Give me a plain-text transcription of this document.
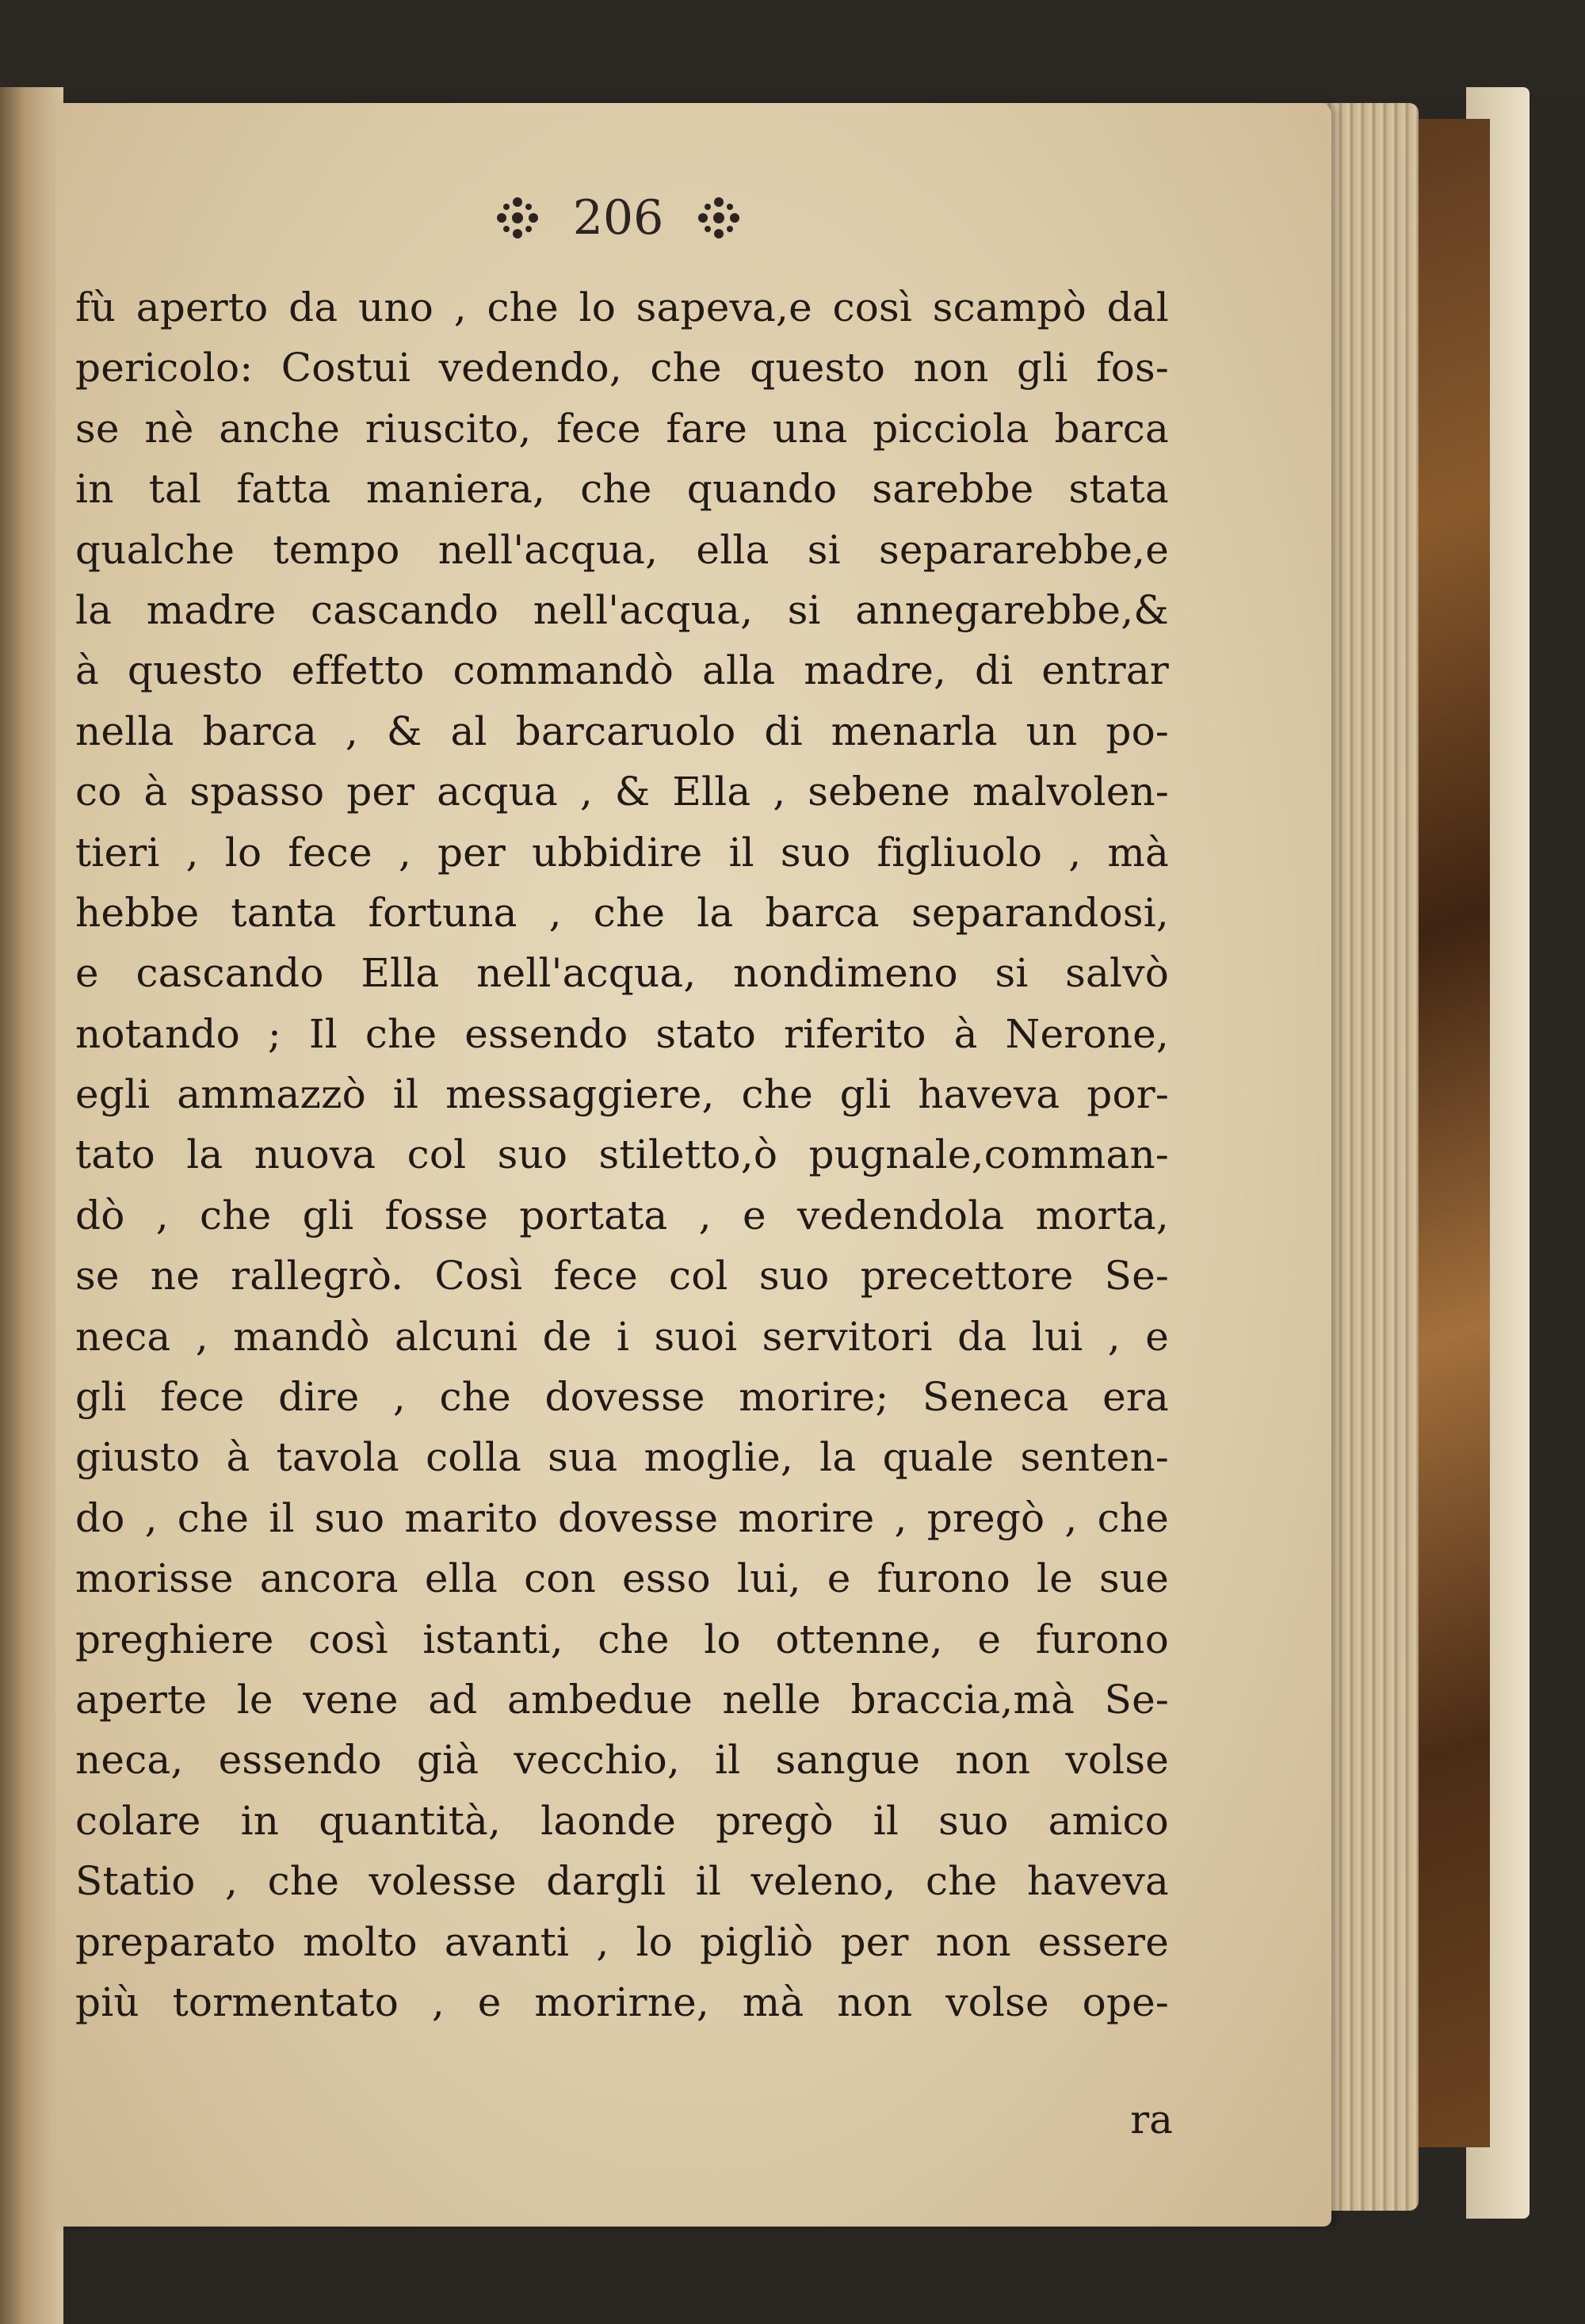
206
fù aperto da uno , che lo sapeva,e così scampò dal
pericolo: Costui vedendo, che questo non gli fos-
se nè anche riuscito, fece fare una picciola barca
in tal fatta maniera, che quando sarebbe stata
qualche tempo nell'acqua, ella si separarebbe,e
la madre cascando nell'acqua, si annegarebbe,&
à questo effetto commandò alla madre, di entrar
nella barca , & al barcaruolo di menarla un po-
co à spasso per acqua , & Ella , sebene malvolen-
tieri , lo fece , per ubbidire il suo figliuolo , mà
hebbe tanta fortuna , che la barca separandosi,
e cascando Ella nell'acqua, nondimeno si salvò
notando ; Il che essendo stato riferito à Nerone,
egli ammazzò il messaggiere, che gli haveva por-
tato la nuova col suo stiletto,ò pugnale,comman-
dò , che gli fosse portata , e vedendola morta,
se ne rallegrò. Così fece col suo precettore Se-
neca , mandò alcuni de i suoi servitori da lui , e
gli fece dire , che dovesse morire; Seneca era
giusto à tavola colla sua moglie, la quale senten-
do , che il suo marito dovesse morire , pregò , che
morisse ancora ella con esso lui, e furono le sue
preghiere così istanti, che lo ottenne, e furono
aperte le vene ad ambedue nelle braccia,mà Se-
neca, essendo già vecchio, il sangue non volse
colare in quantità, laonde pregò il suo amico
Statio , che volesse dargli il veleno, che haveva
preparato molto avanti , lo pigliò per non essere
più tormentato , e morirne, mà non volse ope-
ra
